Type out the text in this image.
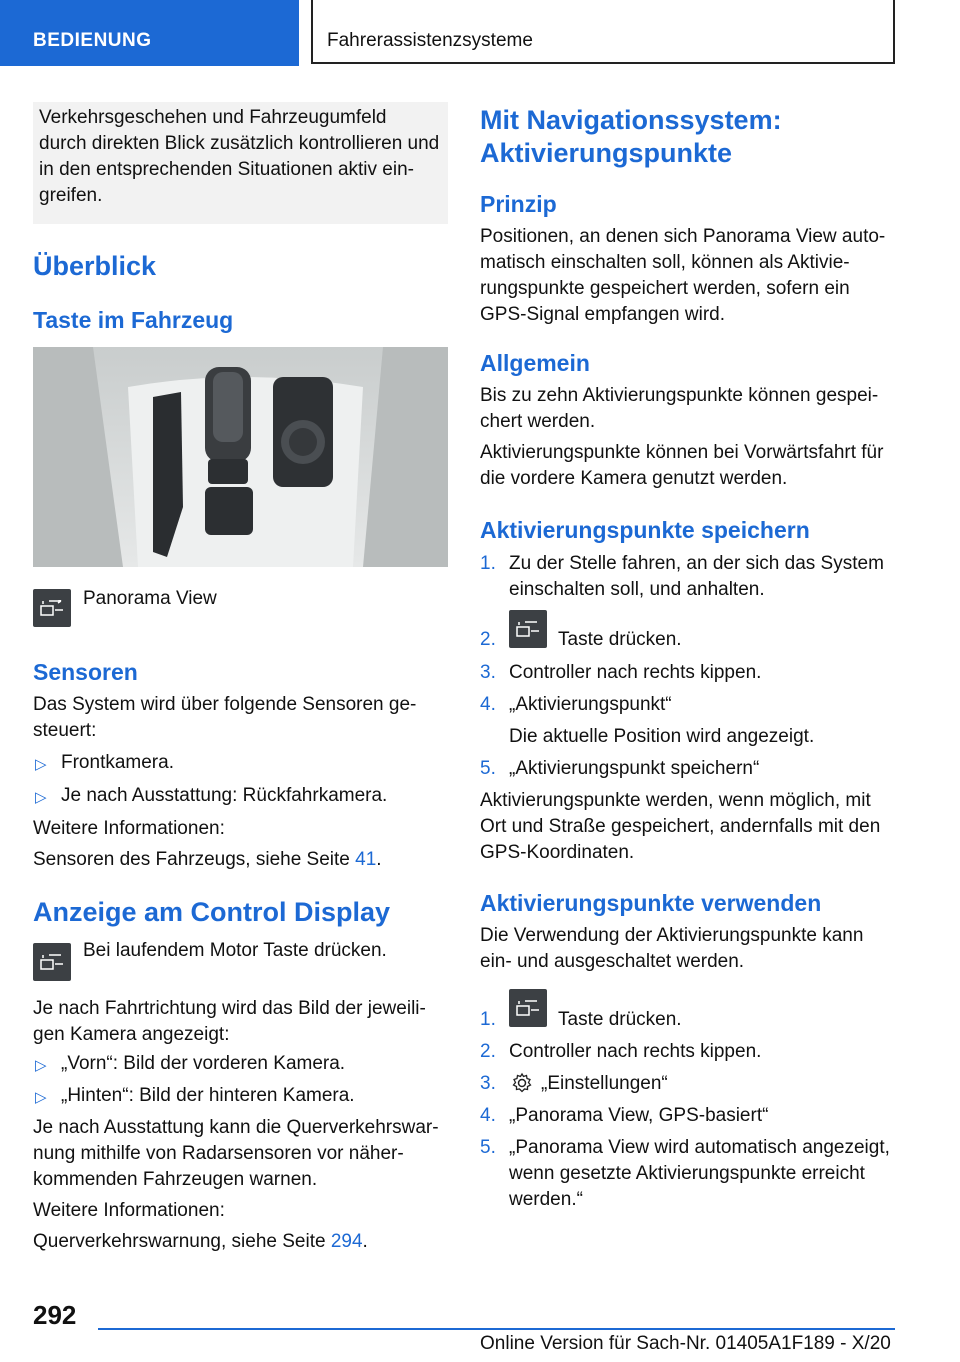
BEDIENUNG	Fahrerassistenzsysteme

Verkehrsgeschehen und Fahrzeugumfeld
durch direkten Blick zusätzlich kontrollieren und
in den entsprechenden Situationen aktiv ein-
greifen.

Überblick
Taste im Fahrzeug
Panorama View
Sensoren
Das System wird über folgende Sensoren ge-
steuert:
▷ Frontkamera.
▷ Je nach Ausstattung: Rückfahrkamera.
Weitere Informationen:
Sensoren des Fahrzeugs, siehe Seite 41.
Anzeige am Control Display
Bei laufendem Motor Taste drücken.
Je nach Fahrtrichtung wird das Bild der jeweili-
gen Kamera angezeigt:
▷ „Vorn“: Bild der vorderen Kamera.
▷ „Hinten“: Bild der hinteren Kamera.
Je nach Ausstattung kann die Querverkehrswar-
nung mithilfe von Radarsensoren vor näher-
kommenden Fahrzeugen warnen.
Weitere Informationen:
Querverkehrswarnung, siehe Seite 294.
Mit Navigationssystem:
Aktivierungspunkte
Prinzip
Positionen, an denen sich Panorama View auto-
matisch einschalten soll, können als Aktivie-
rungspunkte gespeichert werden, sofern ein
GPS-Signal empfangen wird.
Allgemein
Bis zu zehn Aktivierungspunkte können gespei-
chert werden.
Aktivierungspunkte können bei Vorwärtsfahrt für
die vordere Kamera genutzt werden.
Aktivierungspunkte speichern
1. Zu der Stelle fahren, an der sich das System
einschalten soll, und anhalten.
2.	Taste drücken.
3. Controller nach rechts kippen.
4. „Aktivierungspunkt“
Die aktuelle Position wird angezeigt.
5. „Aktivierungspunkt speichern“
Aktivierungspunkte werden, wenn möglich, mit
Ort und Straße gespeichert, andernfalls mit den
GPS-Koordinaten.
Aktivierungspunkte verwenden
Die Verwendung der Aktivierungspunkte kann
ein- und ausgeschaltet werden.
1.	Taste drücken.
2. Controller nach rechts kippen.
3. „Einstellungen“
4. „Panorama View, GPS-basiert“
5. „Panorama View wird automatisch angezeigt,
wenn gesetzte Aktivierungspunkte erreicht
werden.“
292
Online Version für Sach-Nr. 01405A1F189 - X/20
